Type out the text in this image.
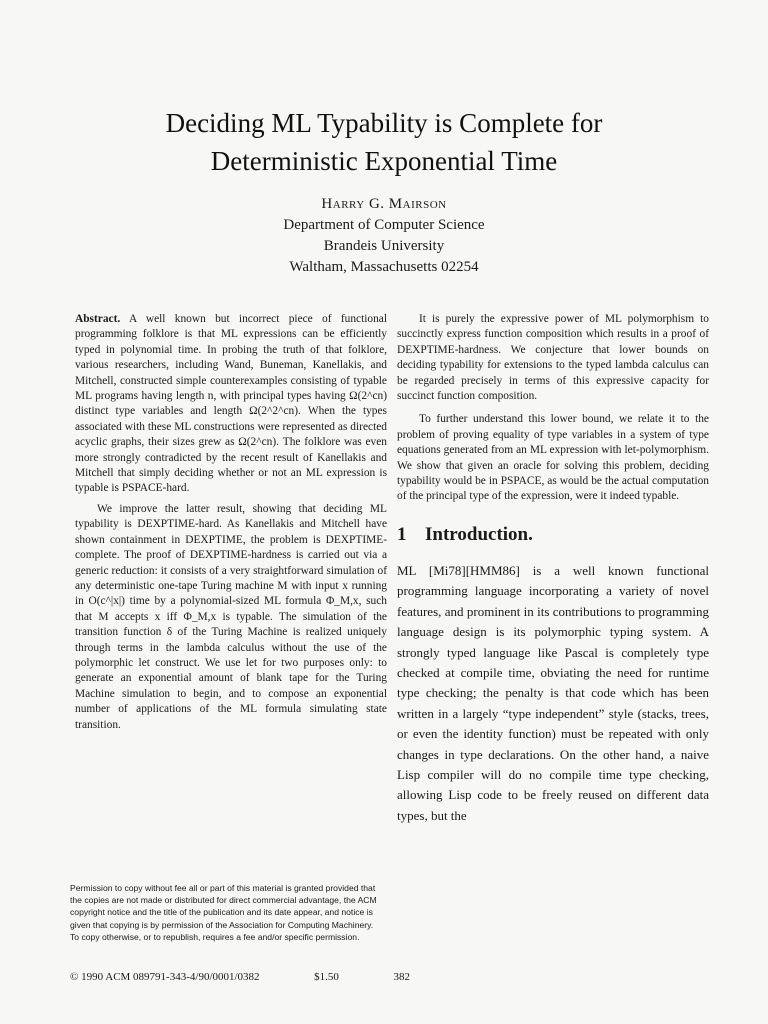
Deciding ML Typability is Complete for
Deterministic Exponential Time
Harry G. Mairson
Department of Computer Science
Brandeis University
Waltham, Massachusetts 02254

Abstract. A well known but incorrect piece of functional programming folklore is that ML expressions can be efficiently typed in polynomial time. In probing the truth of that folklore, various researchers, including Wand, Buneman, Kanellakis, and Mitchell, constructed simple counterexamples consisting of typable ML programs having length n, with principal types having Ω(2^cn) distinct type variables and length Ω(2^2^cn). When the types associated with these ML constructions were represented as directed acyclic graphs, their sizes grew as Ω(2^cn). The folklore was even more strongly contradicted by the recent result of Kanellakis and Mitchell that simply deciding whether or not an ML expression is typable is PSPACE-hard.

We improve the latter result, showing that deciding ML typability is DEXPTIME-hard. As Kanellakis and Mitchell have shown containment in DEXPTIME, the problem is DEXPTIME-complete. The proof of DEXPTIME-hardness is carried out via a generic reduction: it consists of a very straightforward simulation of any deterministic one-tape Turing machine M with input x running in O(c^|x|) time by a polynomial-sized ML formula Φ_M,x, such that M accepts x iff Φ_M,x is typable. The simulation of the transition function δ of the Turing Machine is realized uniquely through terms in the lambda calculus without the use of the polymorphic let construct. We use let for two purposes only: to generate an exponential amount of blank tape for the Turing Machine simulation to begin, and to compose an exponential number of applications of the ML formula simulating state transition.

It is purely the expressive power of ML polymorphism to succinctly express function composition which results in a proof of DEXPTIME-hardness. We conjecture that lower bounds on deciding typability for extensions to the typed lambda calculus can be regarded precisely in terms of this expressive capacity for succinct function composition.

To further understand this lower bound, we relate it to the problem of proving equality of type variables in a system of type equations generated from an ML expression with let-polymorphism. We show that given an oracle for solving this problem, deciding typability would be in PSPACE, as would be the actual computation of the principal type of the expression, were it indeed typable.

1 Introduction.

ML [Mi78][HMM86] is a well known functional programming language incorporating a variety of novel features, and prominent in its contributions to programming language design is its polymorphic typing system. A strongly typed language like Pascal is completely type checked at compile time, obviating the need for runtime type checking; the penalty is that code which has been written in a largely “type independent” style (stacks, trees, or even the identity function) must be repeated with only changes in type declarations. On the other hand, a naive Lisp compiler will do no compile time type checking, allowing Lisp code to be freely reused on different data types, but the

Permission to copy without fee all or part of this material is granted provided that the copies are not made or distributed for direct commercial advantage, the ACM copyright notice and the title of the publication and its date appear, and notice is given that copying is by permission of the Association for Computing Machinery. To copy otherwise, or to republish, requires a fee and/or specific permission.
© 1990 ACM 089791-343-4/90/0001/0382	$1.50	382
